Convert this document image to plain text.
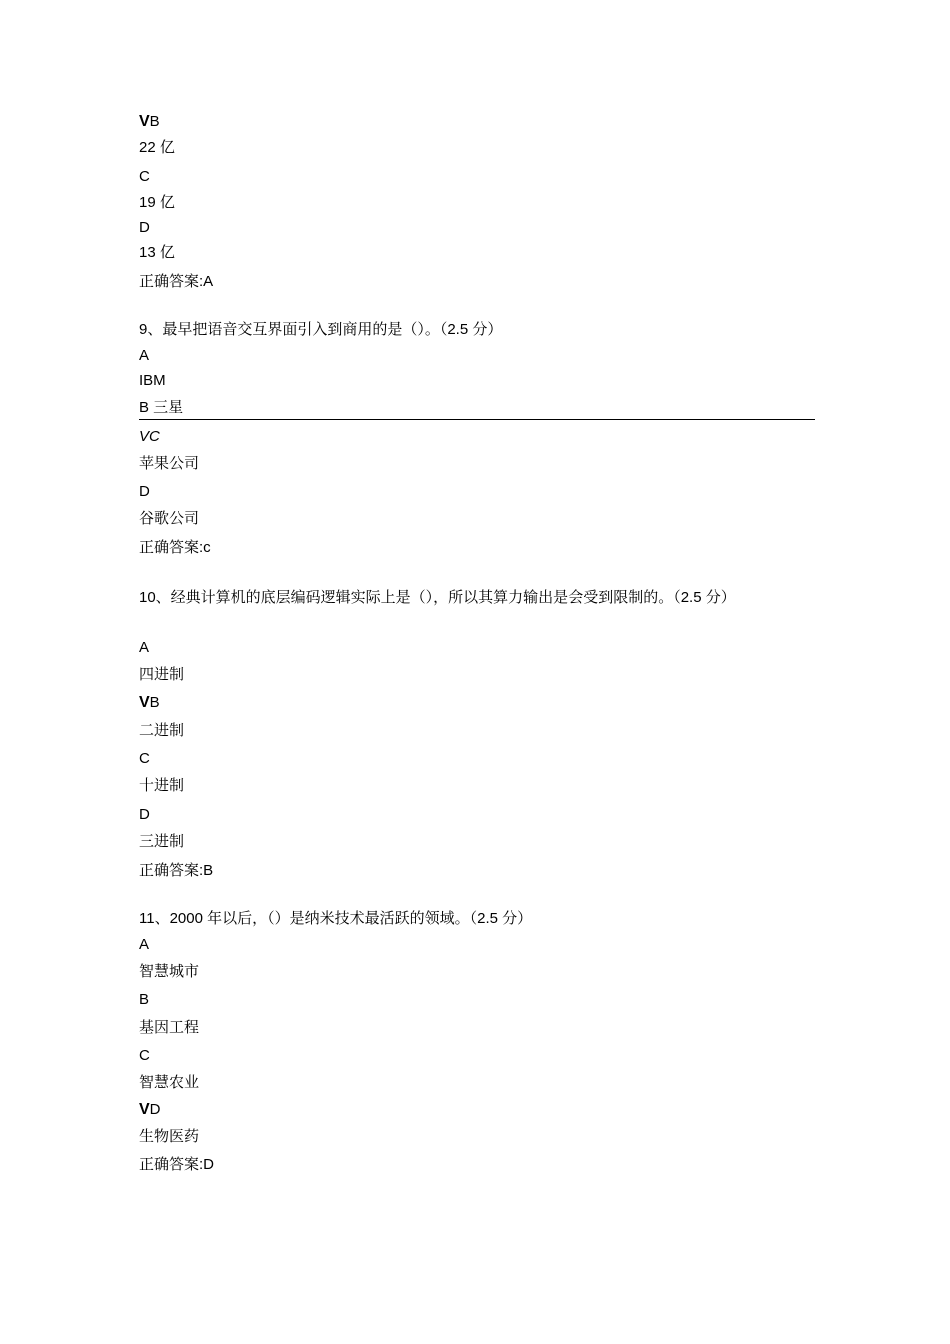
VB
22 亿
C
19 亿
D
13 亿
正确答案:A
9、最早把语音交互界面引入到商用的是（）。（2.5 分）
A
IBM
B 三星
VC
苹果公司
D
谷歌公司
正确答案:c
10、经典计算机的底层编码逻辑实际上是（），所以其算力输出是会受到限制的。（2.5 分）
A
四进制
VB
二进制
C
十进制
D
三进制
正确答案:B
11、2000 年以后，（）是纳米技术最活跃的领域。（2.5 分）
A
智慧城市
B
基因工程
C
智慧农业
VD
生物医药
正确答案:D
